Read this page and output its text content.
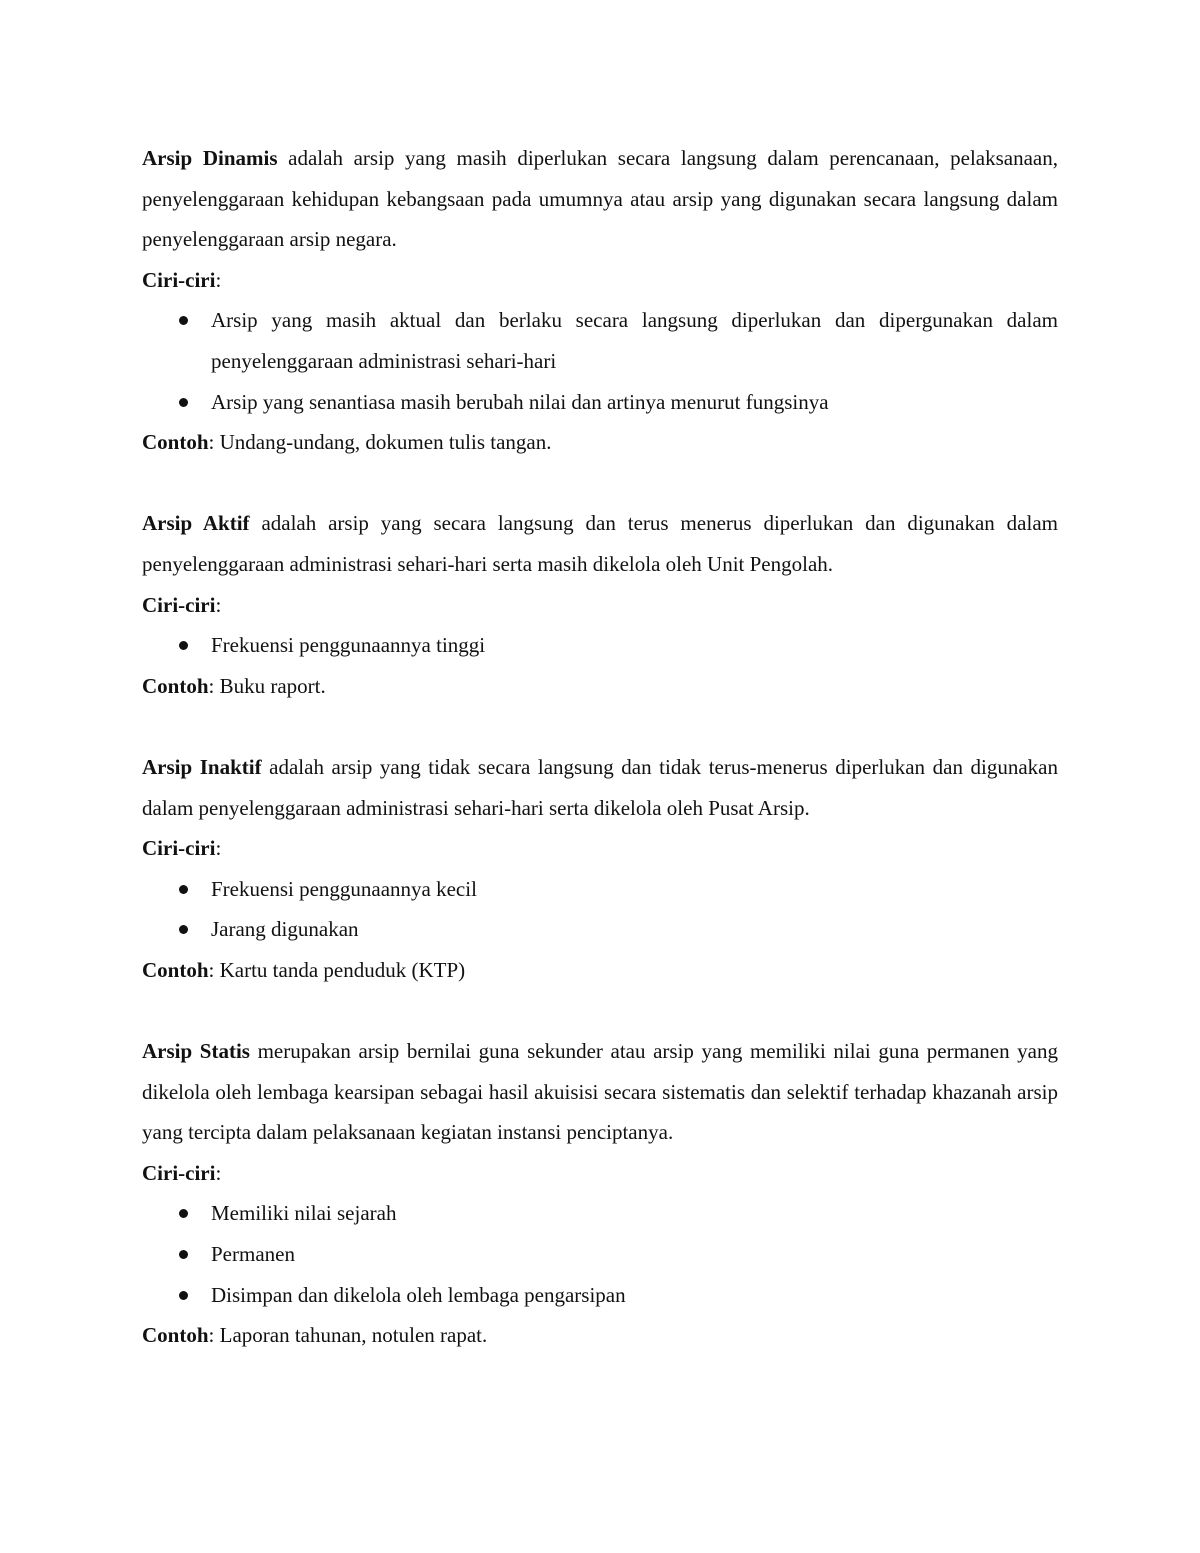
Arsip Dinamis adalah arsip yang masih diperlukan secara langsung dalam perencanaan, pelaksanaan, penyelenggaraan kehidupan kebangsaan pada umumnya atau arsip yang digunakan secara langsung dalam penyelenggaraan arsip negara.

Ciri-ciri:

Arsip yang masih aktual dan berlaku secara langsung diperlukan dan dipergunakan dalam penyelenggaraan administrasi sehari-hari
Arsip yang senantiasa masih berubah nilai dan artinya menurut fungsinya

Contoh: Undang-undang, dokumen tulis tangan.

Arsip Aktif adalah arsip yang secara langsung dan terus menerus diperlukan dan digunakan dalam penyelenggaraan administrasi sehari-hari serta masih dikelola oleh Unit Pengolah.

Ciri-ciri:

Frekuensi penggunaannya tinggi

Contoh: Buku raport.

Arsip Inaktif adalah arsip yang tidak secara langsung dan tidak terus-menerus diperlukan dan digunakan dalam penyelenggaraan administrasi sehari-hari serta dikelola oleh Pusat Arsip.

Ciri-ciri:

Frekuensi penggunaannya kecil
Jarang digunakan

Contoh: Kartu tanda penduduk (KTP)

Arsip Statis merupakan arsip bernilai guna sekunder atau arsip yang memiliki nilai guna permanen yang dikelola oleh lembaga kearsipan sebagai hasil akuisisi secara sistematis dan selektif terhadap khazanah arsip yang tercipta dalam pelaksanaan kegiatan instansi penciptanya.

Ciri-ciri:

Memiliki nilai sejarah
Permanen
Disimpan dan dikelola oleh lembaga pengarsipan

Contoh: Laporan tahunan, notulen rapat.
